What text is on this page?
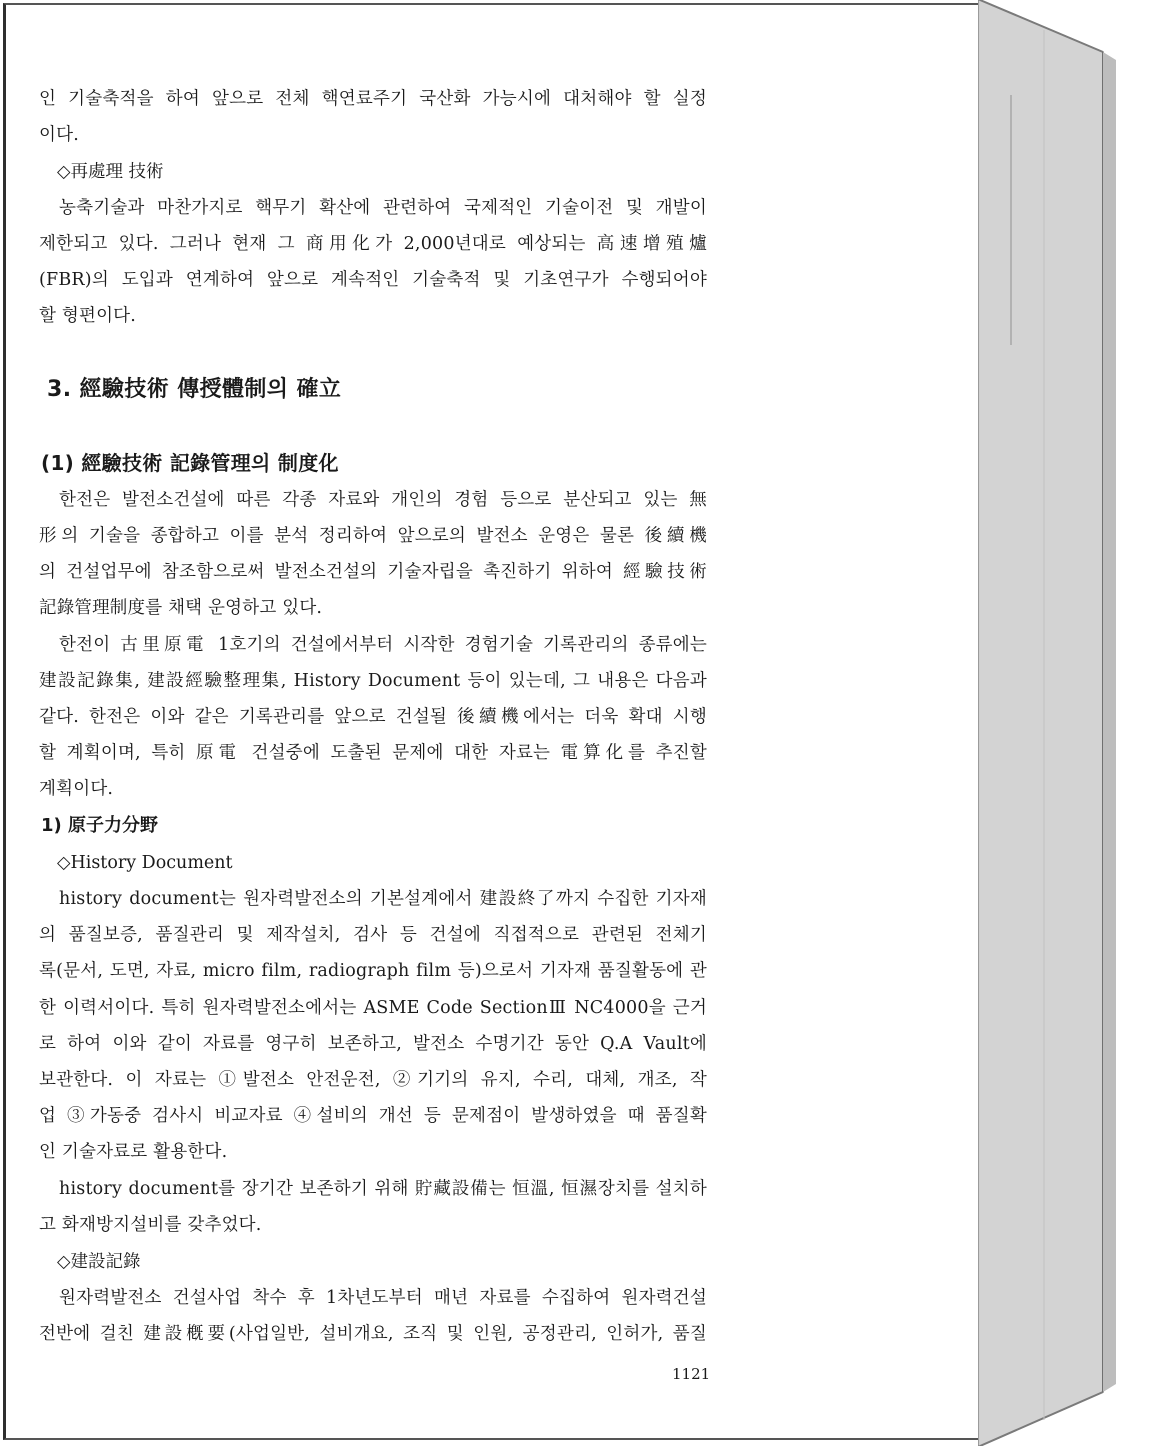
인 기술축적을 하여 앞으로 전체 핵연료주기 국산화 가능시에 대처해야 할 실정
이다.
◇再處理 技術
농축기술과 마찬가지로 핵무기 확산에 관련하여 국제적인 기술이전 및 개발이
제한되고 있다. 그러나 현재 그 商用化가 2,000년대로 예상되는 高速增殖爐
(FBR)의 도입과 연계하여 앞으로 계속적인 기술축적 및 기초연구가 수행되어야
할 형편이다.
3. 經驗技術 傳授體制의 確立
(1) 經驗技術 記錄管理의 制度化
한전은 발전소건설에 따른 각종 자료와 개인의 경험 등으로 분산되고 있는 無
形의 기술을 종합하고 이를 분석 정리하여 앞으로의 발전소 운영은 물론 後續機
의 건설업무에 참조함으로써 발전소건설의 기술자립을 촉진하기 위하여 經驗技術
記錄管理制度를 채택 운영하고 있다.
한전이 古里原電 1호기의 건설에서부터 시작한 경험기술 기록관리의 종류에는
建設記錄集, 建設經驗整理集, History Document 등이 있는데, 그 내용은 다음과
같다. 한전은 이와 같은 기록관리를 앞으로 건설될 後續機에서는 더욱 확대 시행
할 계획이며, 특히 原電 건설중에 도출된 문제에 대한 자료는 電算化를 추진할
계획이다.
1) 原子力分野
◇History Document
history document는 원자력발전소의 기본설계에서 建設終了까지 수집한 기자재
의 품질보증, 품질관리 및 제작설치, 검사 등 건설에 직접적으로 관련된 전체기
록(문서, 도면, 자료, micro film, radiograph film 등)으로서 기자재 품질활동에 관
한 이력서이다. 특히 원자력발전소에서는 ASME Code SectionⅢ NC4000을 근거
로 하여 이와 같이 자료를 영구히 보존하고, 발전소 수명기간 동안 Q.A Vault에
보관한다. 이 자료는 ①발전소 안전운전, ②기기의 유지, 수리, 대체, 개조, 작
업 ③가동중 검사시 비교자료 ④설비의 개선 등 문제점이 발생하였을 때 품질확
인 기술자료로 활용한다.
history document를 장기간 보존하기 위해 貯藏設備는 恒溫, 恒濕장치를 설치하
고 화재방지설비를 갖추었다.
◇建設記錄
원자력발전소 건설사업 착수 후 1차년도부터 매년 자료를 수집하여 원자력건설
전반에 걸친 建設槪要(사업일반, 설비개요, 조직 및 인원, 공정관리, 인허가, 품질
1121
